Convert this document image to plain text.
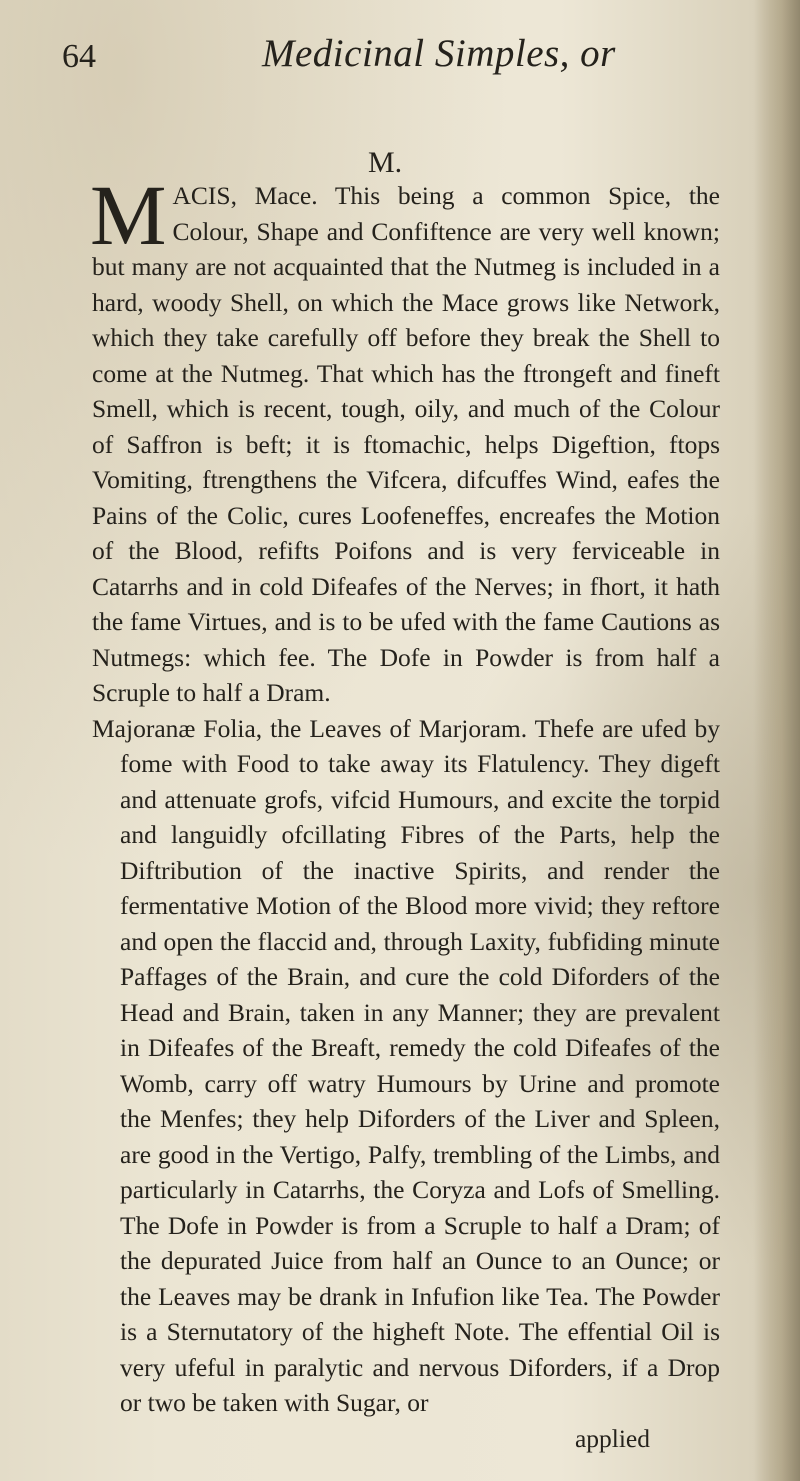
64	Medicinal Simples, or
M.

M ACIS, Mace. This being a common Spice, the Colour, Shape and Confiftence are very well known; but many are not acquainted that the Nutmeg is included in a hard, woody Shell, on which the Mace grows like Network, which they take carefully off before they break the Shell to come at the Nutmeg. That which has the ftrongeft and fineft Smell, which is recent, tough, oily, and much of the Colour of Saffron is beft; it is ftomachic, helps Digeftion, ftops Vomiting, ftrengthens the Vifcera, difcuffes Wind, eafes the Pains of the Colic, cures Loofeneffes, encreafes the Motion of the Blood, refifts Poifons and is very ferviceable in Catarrhs and in cold Difeafes of the Nerves; in fhort, it hath the fame Virtues, and is to be ufed with the fame Cautions as Nutmegs: which fee. The Dofe in Powder is from half a Scruple to half a Dram.

Majoranæ Folia, the Leaves of Marjoram. Thefe are ufed by fome with Food to take away its Flatulency. They digeft and attenuate grofs, vifcid Humours, and excite the torpid and languidly ofcillating Fibres of the Parts, help the Diftribution of the inactive Spirits, and render the fermentative Motion of the Blood more vivid; they reftore and open the flaccid and, through Laxity, fubfiding minute Paffages of the Brain, and cure the cold Diforders of the Head and Brain, taken in any Manner; they are prevalent in Difeafes of the Breaft, remedy the cold Difeafes of the Womb, carry off watry Humours by Urine and promote the Menfes; they help Diforders of the Liver and Spleen, are good in the Vertigo, Palfy, trembling of the Limbs, and particularly in Catarrhs, the Coryza and Lofs of Smelling. The Dofe in Powder is from a Scruple to half a Dram; of the depurated Juice from half an Ounce to an Ounce; or the Leaves may be drank in Infufion like Tea. The Powder is a Sternutatory of the higheft Note. The effential Oil is very ufeful in paralytic and nervous Diforders, if a Drop or two be taken with Sugar, or

applied
